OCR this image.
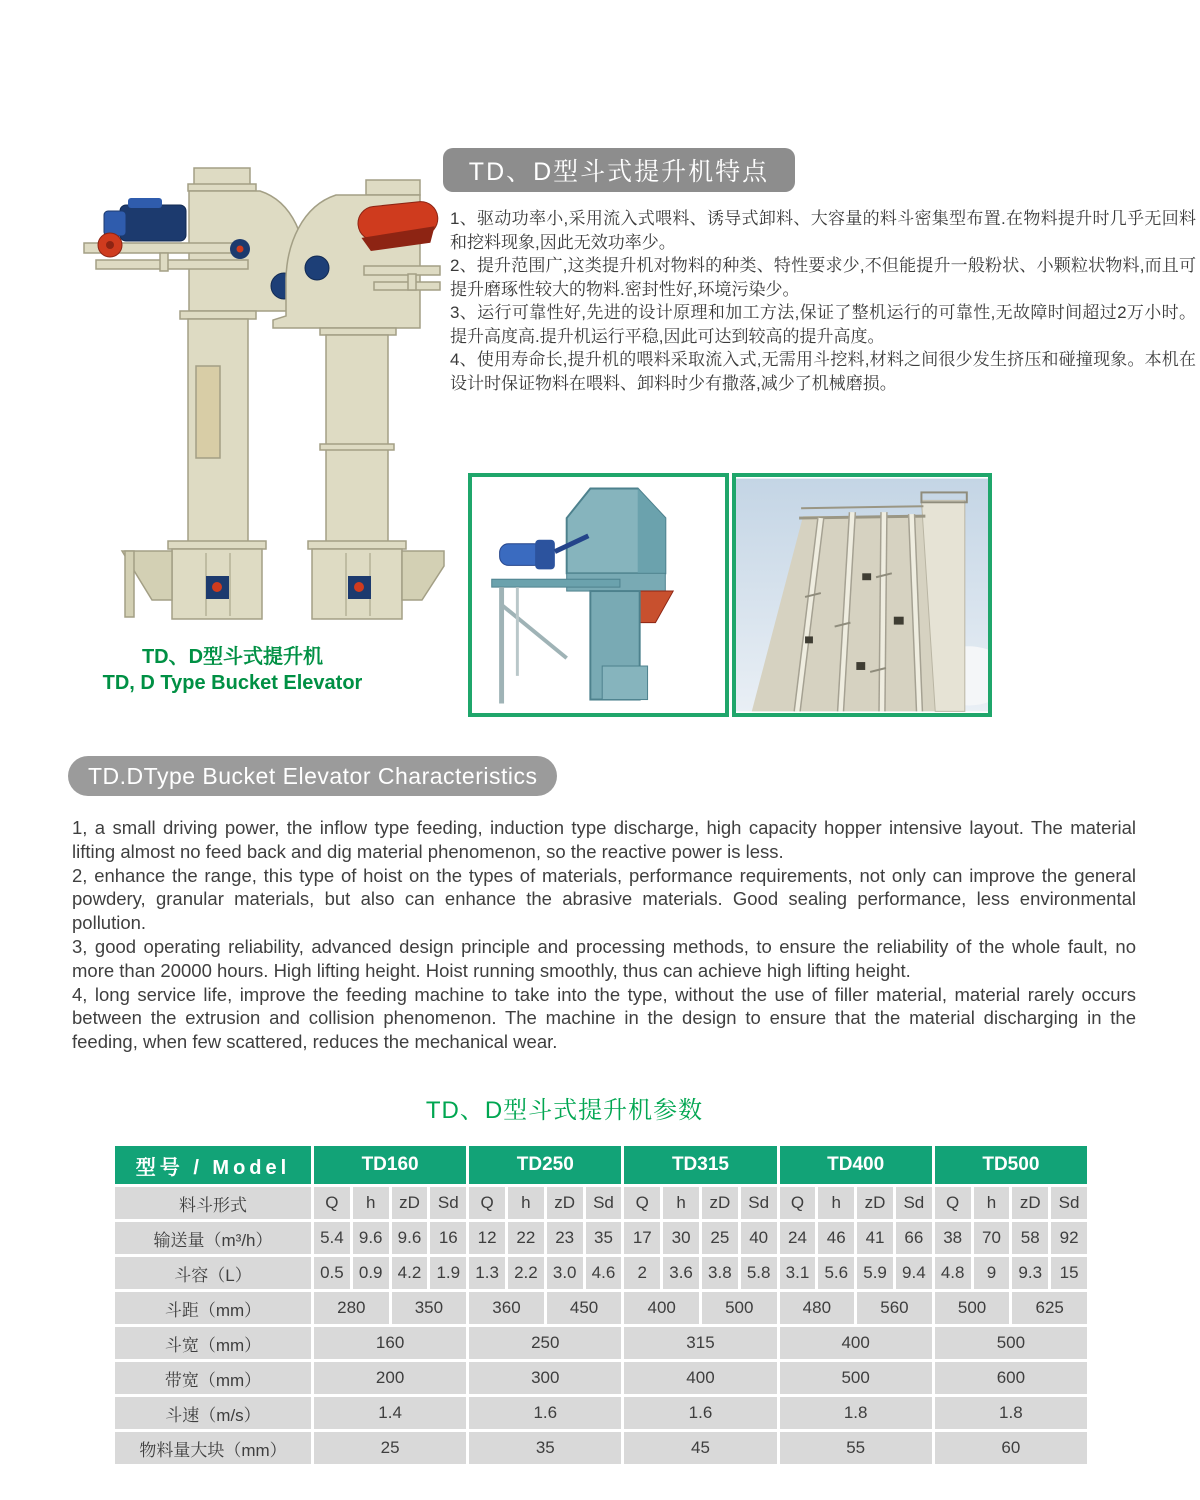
TD、D型斗式提升机特点

1、驱动功率小,采用流入式喂料、诱导式卸料、大容量的料斗密集型布置.在物料提升时几乎无回料和挖料现象,因此无效功率少。

2、提升范围广,这类提升机对物料的种类、特性要求少,不但能提升一般粉状、小颗粒状物料,而且可提升磨琢性较大的物料.密封性好,环境污染少。

3、运行可靠性好,先进的设计原理和加工方法,保证了整机运行的可靠性,无故障时间超过2万小时。提升高度高.提升机运行平稳,因此可达到较高的提升高度。

4、使用寿命长,提升机的喂料采取流入式,无需用斗挖料,材料之间很少发生挤压和碰撞现象。本机在设计时保证物料在喂料、卸料时少有撒落,减少了机械磨损。

TD、D型斗式提升机
TD, D Type Bucket Elevator
TD.DType Bucket Elevator Characteristics

1, a small driving power, the inflow type feeding, induction type discharge, high capacity hopper intensive layout. The material lifting almost no feed back and dig material phenomenon, so the reactive power is less.

2, enhance the range, this type of hoist on the types of materials, performance requirements, not only can improve the general powdery, granular materials, but also can enhance the abrasive materials. Good sealing performance, less environmental pollution.

3, good operating reliability, advanced design principle and processing methods, to ensure the reliability of the whole fault, no more than 20000 hours. High lifting height. Hoist running smoothly, thus can achieve high lifting height.

4, long service life, improve the feeding machine to take into the type, without the use of filler material, material rarely occurs between the extrusion and collision phenomenon. The machine in the design to ensure that the material discharging in the feeding, when few scattered, reduces the mechanical wear.

TD、D型斗式提升机参数
型号 / Model	TD160				TD250				TD315				TD400				TD500			
料斗形式	Q	h	zD	Sd	Q	h	zD	Sd	Q	h	zD	Sd	Q	h	zD	Sd	Q	h	zD	Sd
输送量（m³/h）	5.4	9.6	9.6	16	12	22	23	35	17	30	25	40	24	46	41	66	38	70	58	92
斗容（L）	0.5	0.9	4.2	1.9	1.3	2.2	3.0	4.6	2	3.6	3.8	5.8	3.1	5.6	5.9	9.4	4.8	9	9.3	15
斗距（mm）	280		350		360		450		400		500		480		560		500		625	
斗宽（mm）	160				250				315				400				500			
带宽（mm）	200				300				400				500				600			
斗速（m/s）	1.4				1.6				1.6				1.8				1.8			
物料量大块（mm）	25				35				45				55				60			
